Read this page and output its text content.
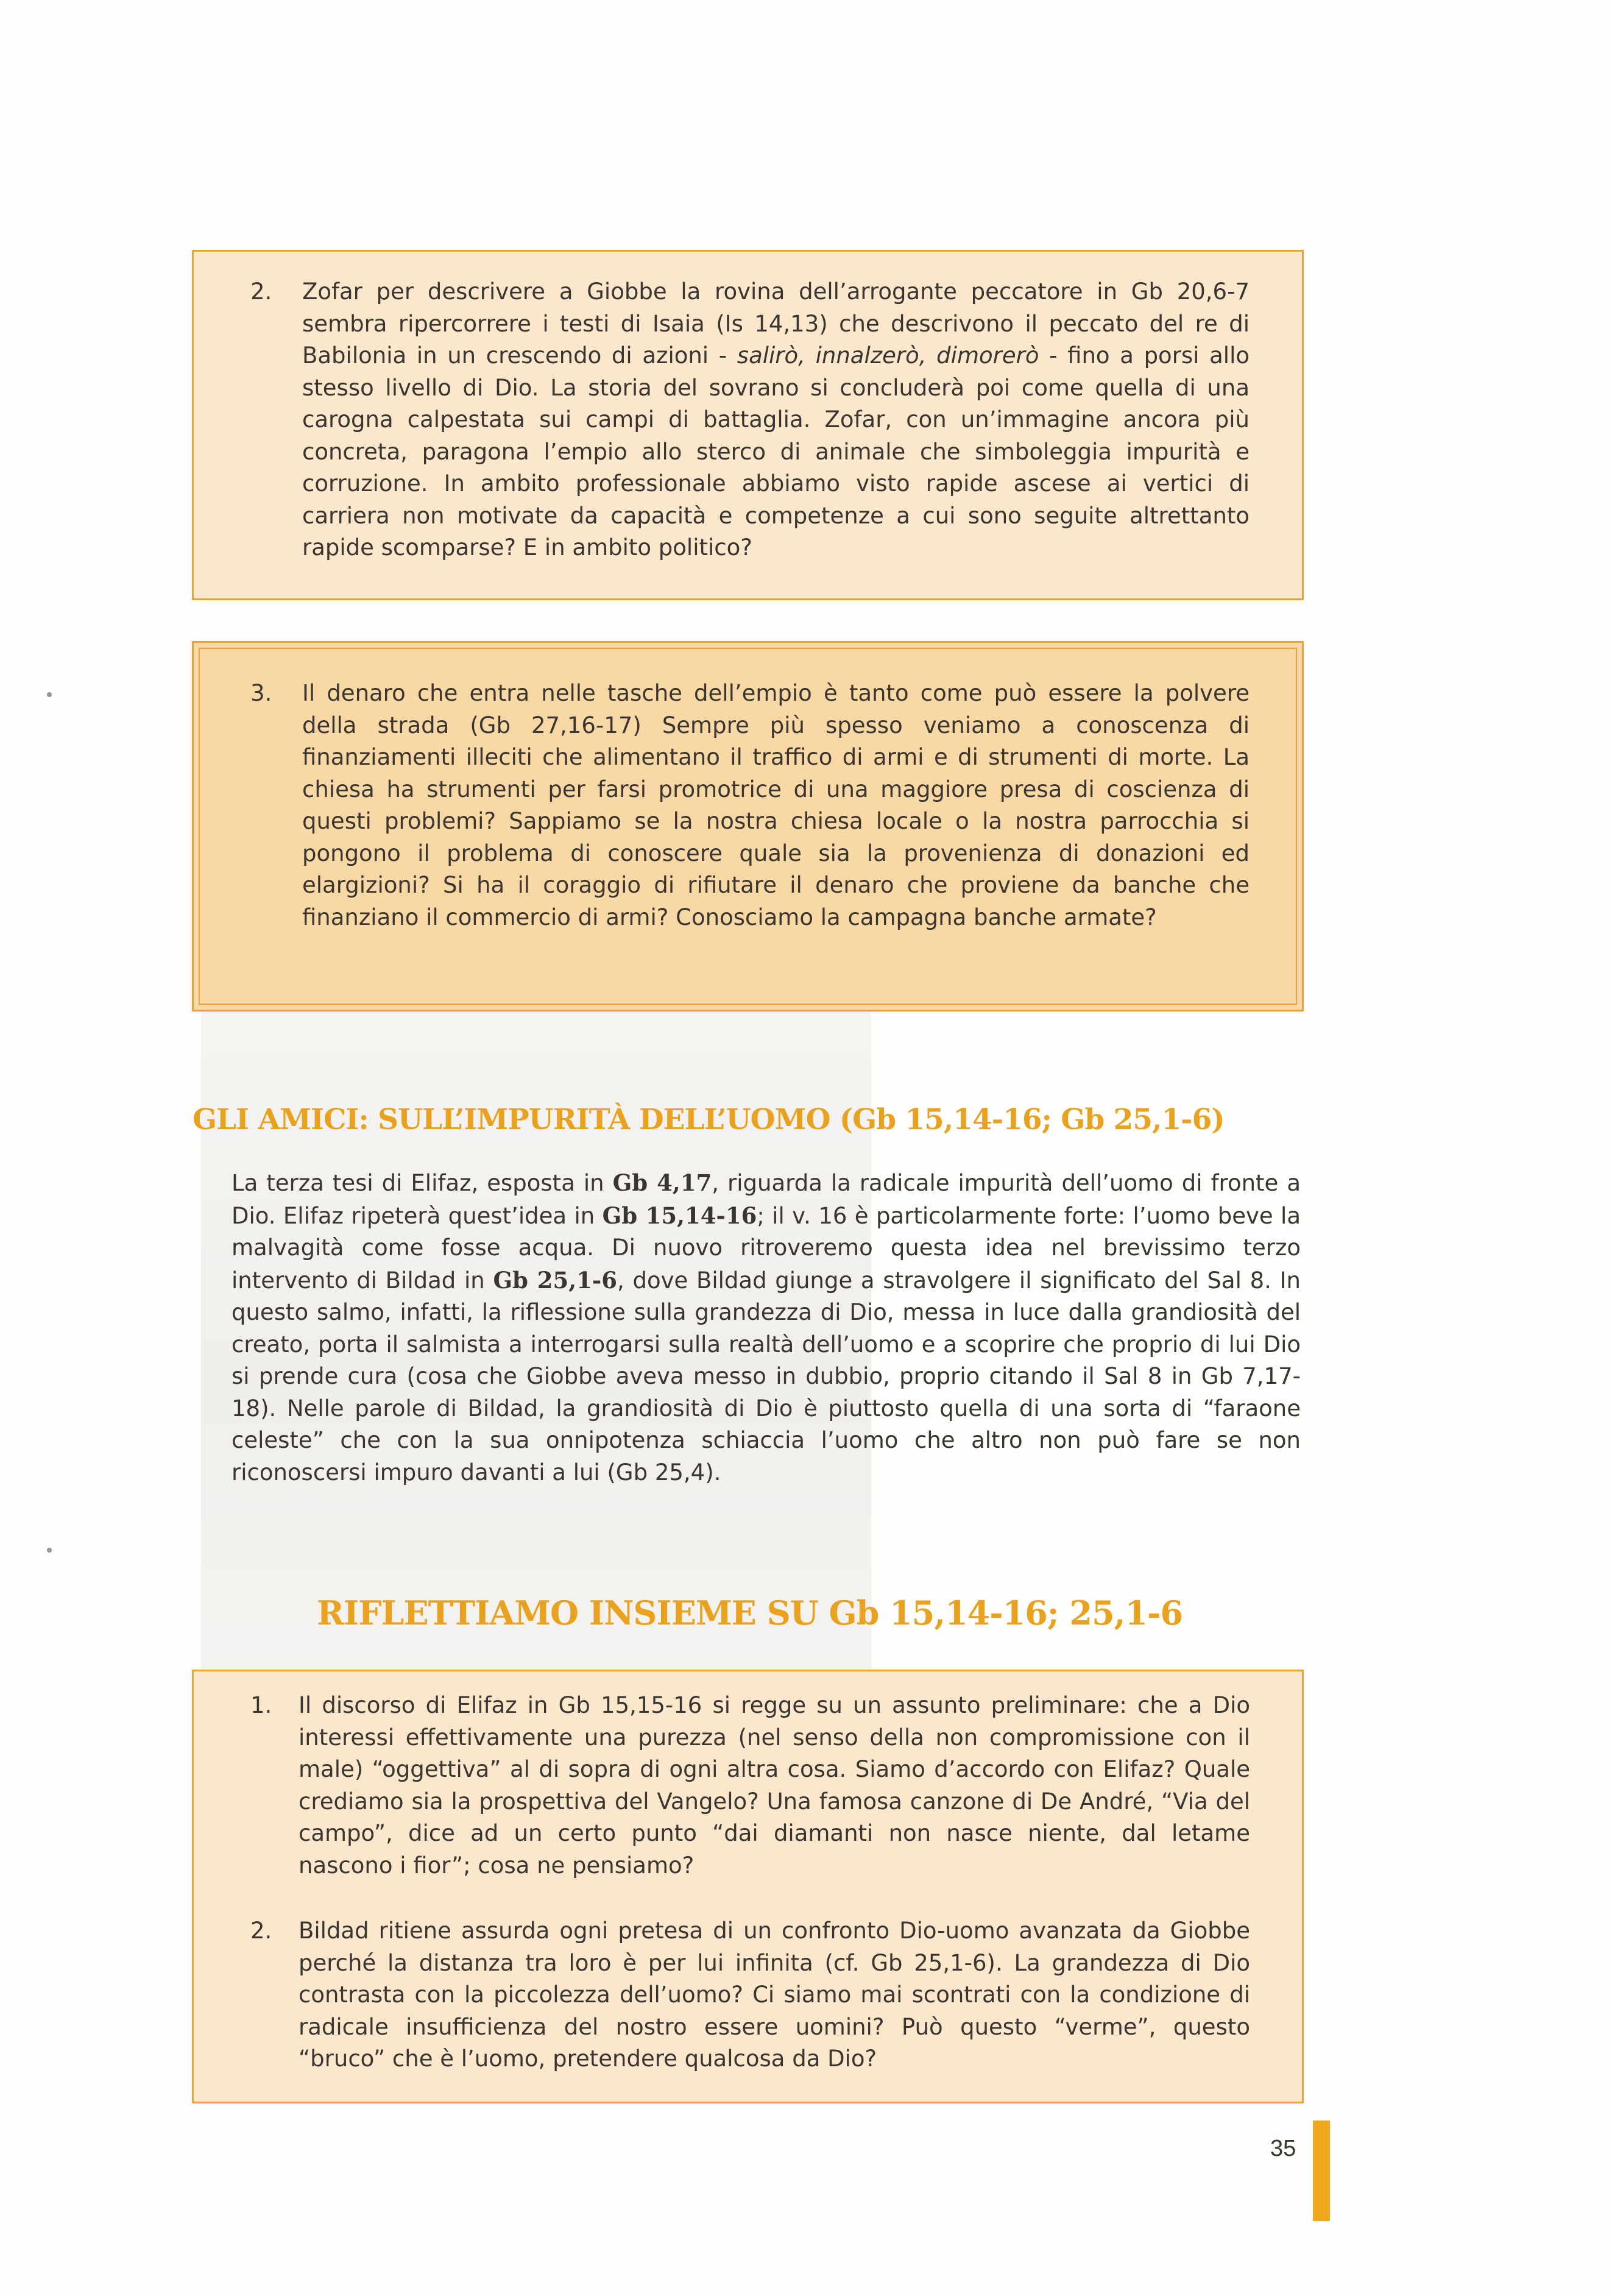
2. Zofar per descrivere a Giobbe la rovina dell’arrogante peccatore in Gb 20,6-7 sembra ripercorrere i testi di Isaia (Is 14,13) che descrivono il peccato del re di Babilonia in un crescendo di azioni - salirò, innalzerò, dimorerò - fino a porsi allo stesso livello di Dio. La storia del sovrano si concluderà poi come quella di una carogna calpestata sui campi di battaglia. Zofar, con un’immagine ancora più concreta, paragona l’empio allo sterco di animale che simboleggia impurità e corruzione. In ambito professionale abbiamo visto rapide ascese ai vertici di carriera non motivate da capacità e competenze a cui sono seguite altrettanto rapide scomparse? E in ambito politico?
3. Il denaro che entra nelle tasche dell’empio è tanto come può essere la polvere della strada (Gb 27,16-17) Sempre più spesso veniamo a conoscenza di finanziamenti illeciti che alimentano il traffico di armi e di strumenti di morte. La chiesa ha strumenti per farsi promotrice di una maggiore presa di coscienza di questi problemi? Sappiamo se la nostra chiesa locale o la nostra parrocchia si pongono il problema di conoscere quale sia la provenienza di donazioni ed elargizioni? Si ha il coraggio di rifiutare il denaro che proviene da banche che finanziano il commercio di armi? Conosciamo la campagna banche armate?
GLI AMICI: SULL’IMPURITÀ DELL’UOMO (Gb 15,14-16; Gb 25,1-6)
La terza tesi di Elifaz, esposta in Gb 4,17, riguarda la radicale impurità dell’uomo di fronte a Dio. Elifaz ripeterà quest’idea in Gb 15,14-16; il v. 16 è particolarmente forte: l’uomo beve la malvagità come fosse acqua. Di nuovo ritroveremo questa idea nel brevissimo terzo intervento di Bildad in Gb 25,1-6, dove Bildad giunge a stravolgere il significato del Sal 8. In questo salmo, infatti, la riflessione sulla grandezza di Dio, messa in luce dalla grandiosità del creato, porta il salmista a interrogarsi sulla realtà dell’uomo e a scoprire che proprio di lui Dio si prende cura (cosa che Giobbe aveva messo in dubbio, proprio citando il Sal 8 in Gb 7,17-18). Nelle parole di Bildad, la grandiosità di Dio è piuttosto quella di una sorta di “faraone celeste” che con la sua onnipotenza schiaccia l’uomo che altro non può fare se non riconoscersi impuro davanti a lui (Gb 25,4).
RIFLETTIAMO INSIEME SU Gb 15,14-16; 25,1-6
1. Il discorso di Elifaz in Gb 15,15-16 si regge su un assunto preliminare: che a Dio interessi effettivamente una purezza (nel senso della non compromissione con il male) “oggettiva” al di sopra di ogni altra cosa. Siamo d’accordo con Elifaz? Quale crediamo sia la prospettiva del Vangelo? Una famosa canzone di De André, “Via del campo”, dice ad un certo punto “dai diamanti non nasce niente, dal letame nascono i fior”; cosa ne pensiamo?
2. Bildad ritiene assurda ogni pretesa di un confronto Dio-uomo avanzata da Giobbe perché la distanza tra loro è per lui infinita (cf. Gb 25,1-6). La grandezza di Dio contrasta con la piccolezza dell’uomo? Ci siamo mai scontrati con la condizione di radicale insufficienza del nostro essere uomini? Può questo “verme”, questo “bruco” che è l’uomo, pretendere qualcosa da Dio?
35
